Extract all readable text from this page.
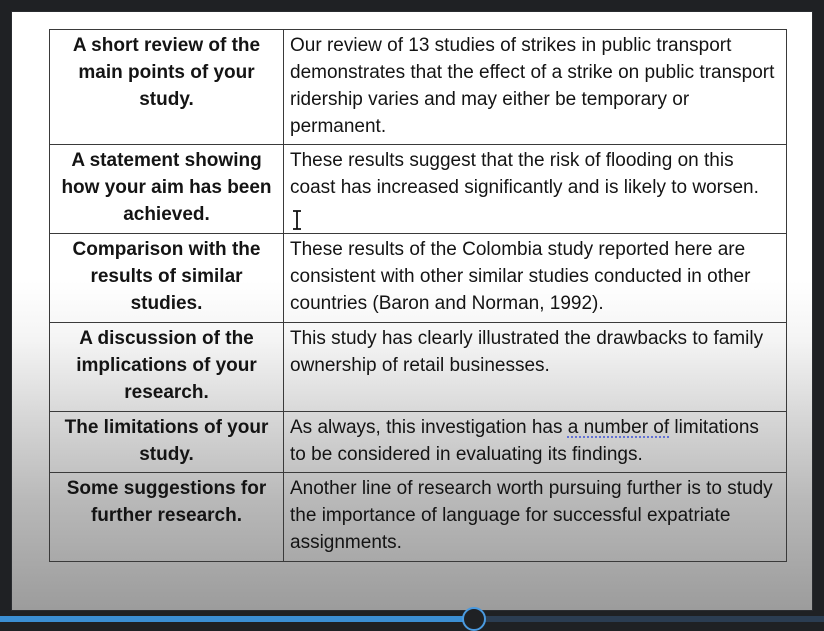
A short review of the main points of your study.	Our review of 13 studies of strikes in public transport demonstrates that the effect of a strike on public transport ridership varies and may either be temporary or permanent.
A statement showing how your aim has been achieved.	These results suggest that the risk of flooding on this coast has increased significantly and is likely to worsen.
Comparison with the results of similar studies.	These results of the Colombia study reported here are consistent with other similar studies conducted in other countries (Baron and Norman, 1992).
A discussion of the implications of your research.	This study has clearly illustrated the drawbacks to family ownership of retail businesses.
The limitations of your study.	As always, this investigation has a number of limitations to be considered in evaluating its findings.
Some suggestions for further research.	Another line of research worth pursuing further is to study the importance of language for successful expatriate assignments.
